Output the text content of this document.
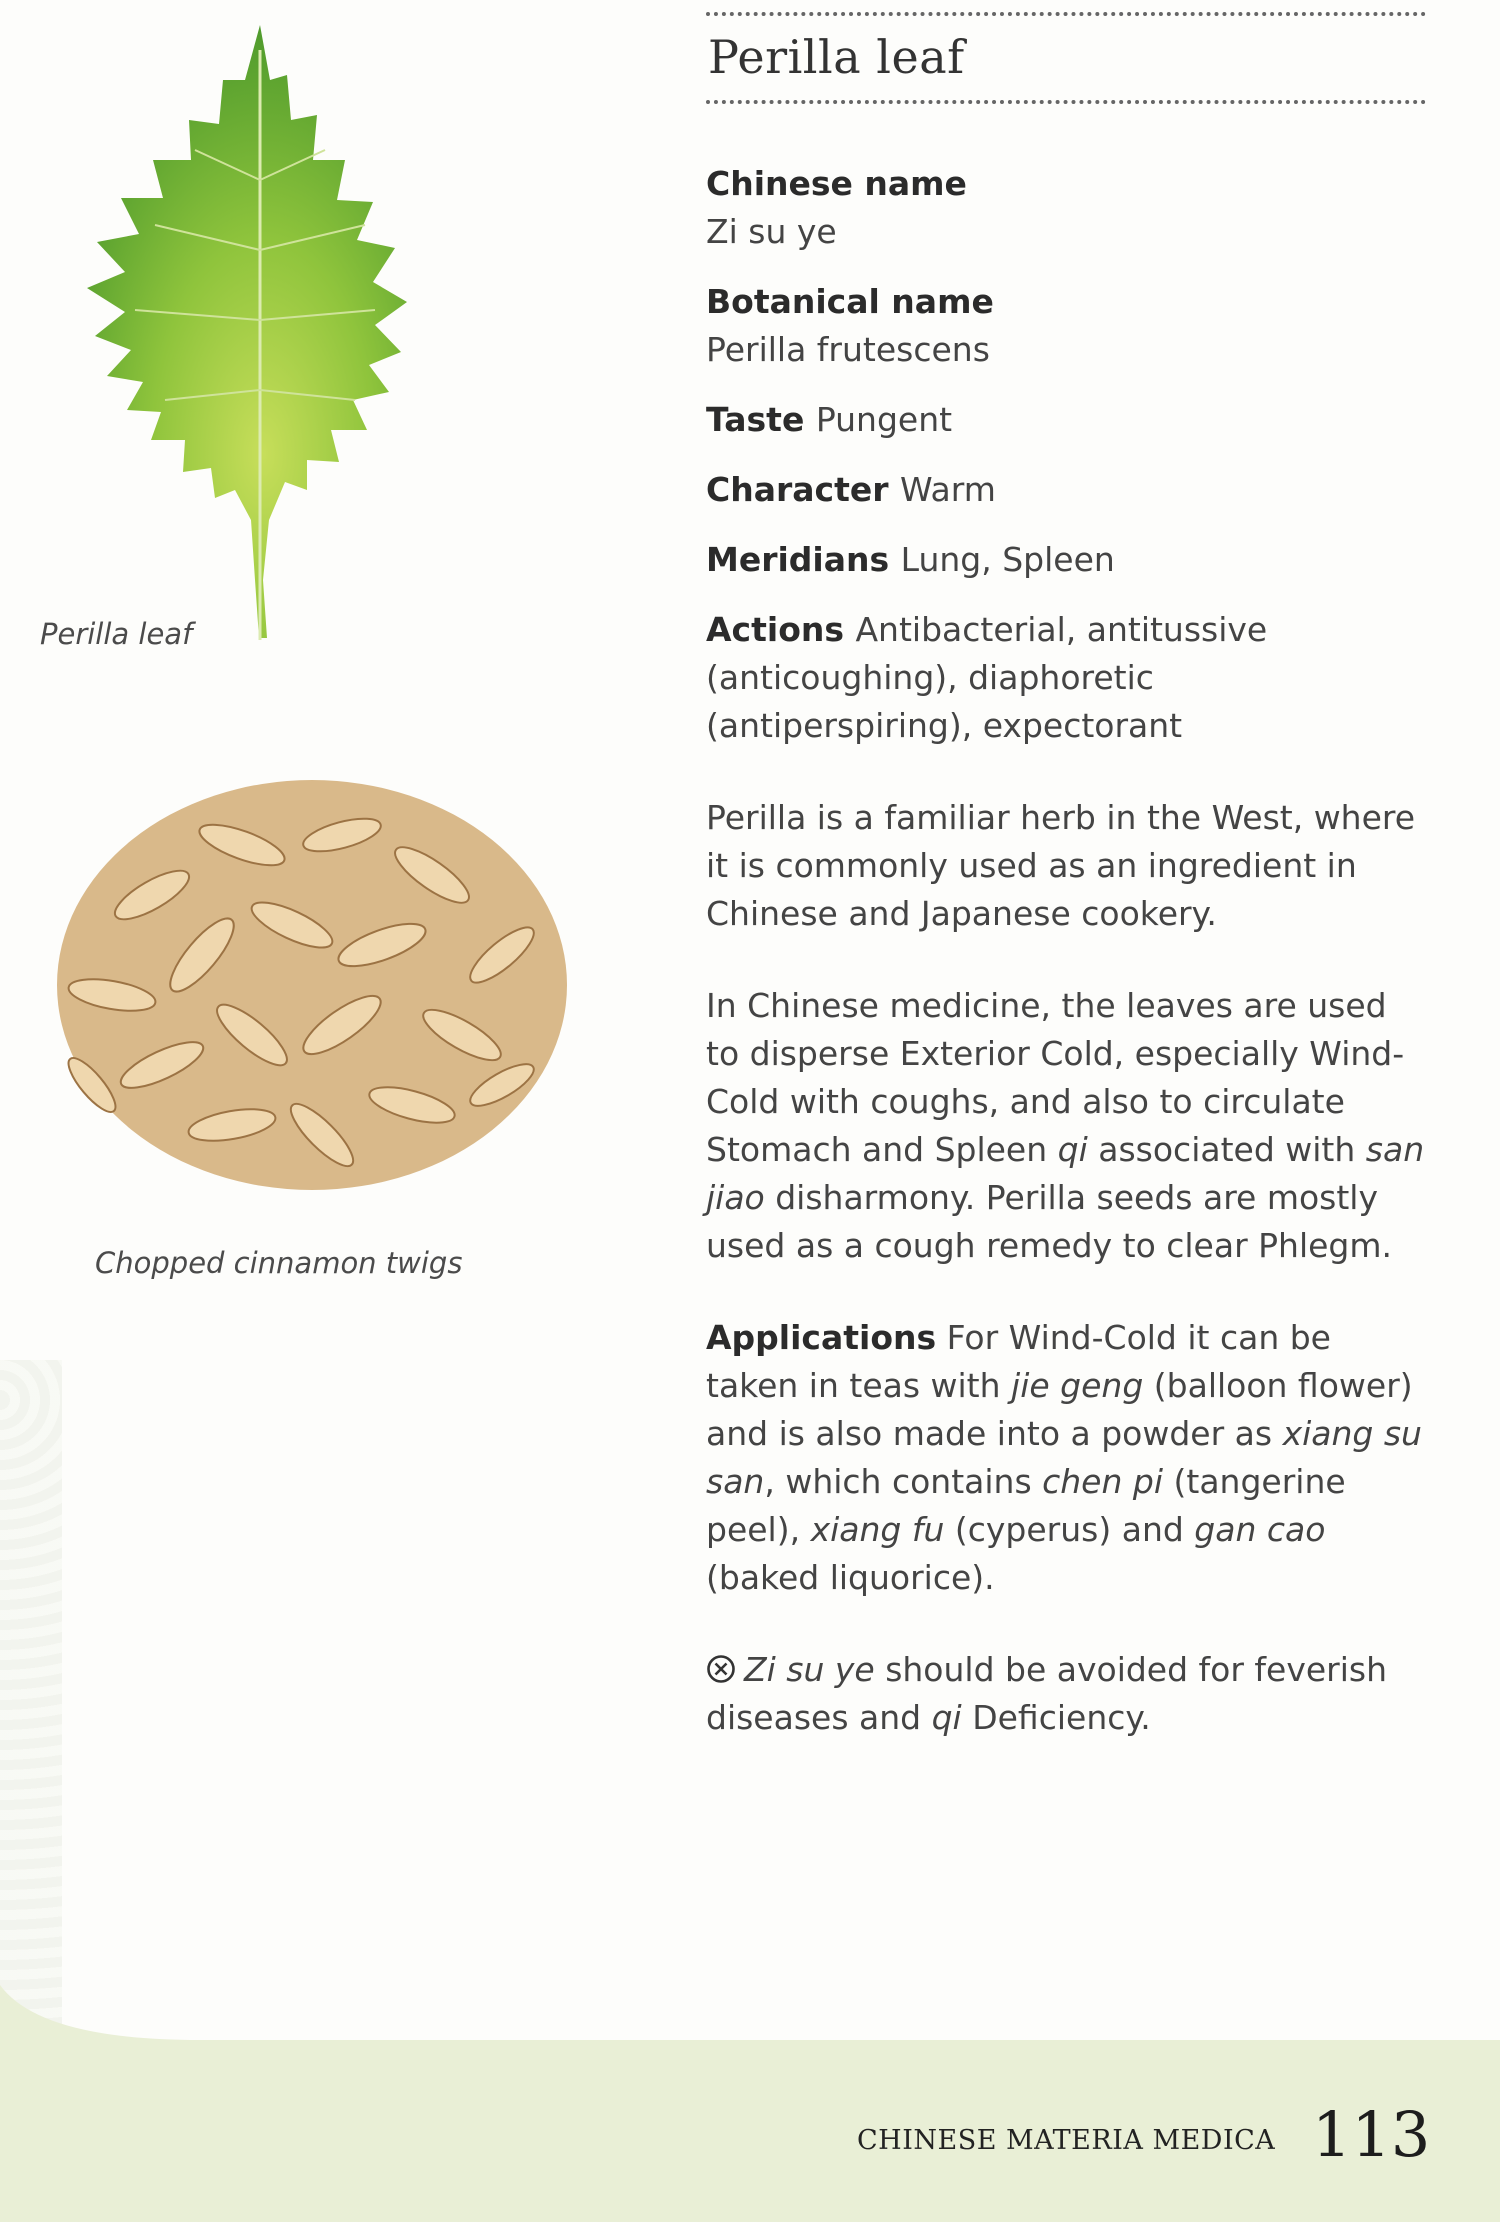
Perilla leaf
Chopped cinnamon twigs
Perilla leaf
Chinese name
Zi su ye
Botanical name
Perilla frutescens
Taste Pungent
Character Warm
Meridians Lung, Spleen
Actions Antibacterial, antitussive (anticoughing), diaphoretic (antiperspiring), expectorant

Perilla is a familiar herb in the West, where it is commonly used as an ingredient in Chinese and Japanese cookery.

In Chinese medicine, the leaves are used to disperse Exterior Cold, especially Wind-Cold with coughs, and also to circulate Stomach and Spleen qi associated with san jiao disharmony. Perilla seeds are mostly used as a cough remedy to clear Phlegm.

Applications For Wind-Cold it can be taken in teas with jie geng (balloon flower) and is also made into a powder as xiang su san, which contains chen pi (tangerine peel), xiang fu (cyperus) and gan cao (baked liquorice).

Zi su ye should be avoided for feverish diseases and qi Deficiency.

CHINESE MATERIA MEDICA 113
